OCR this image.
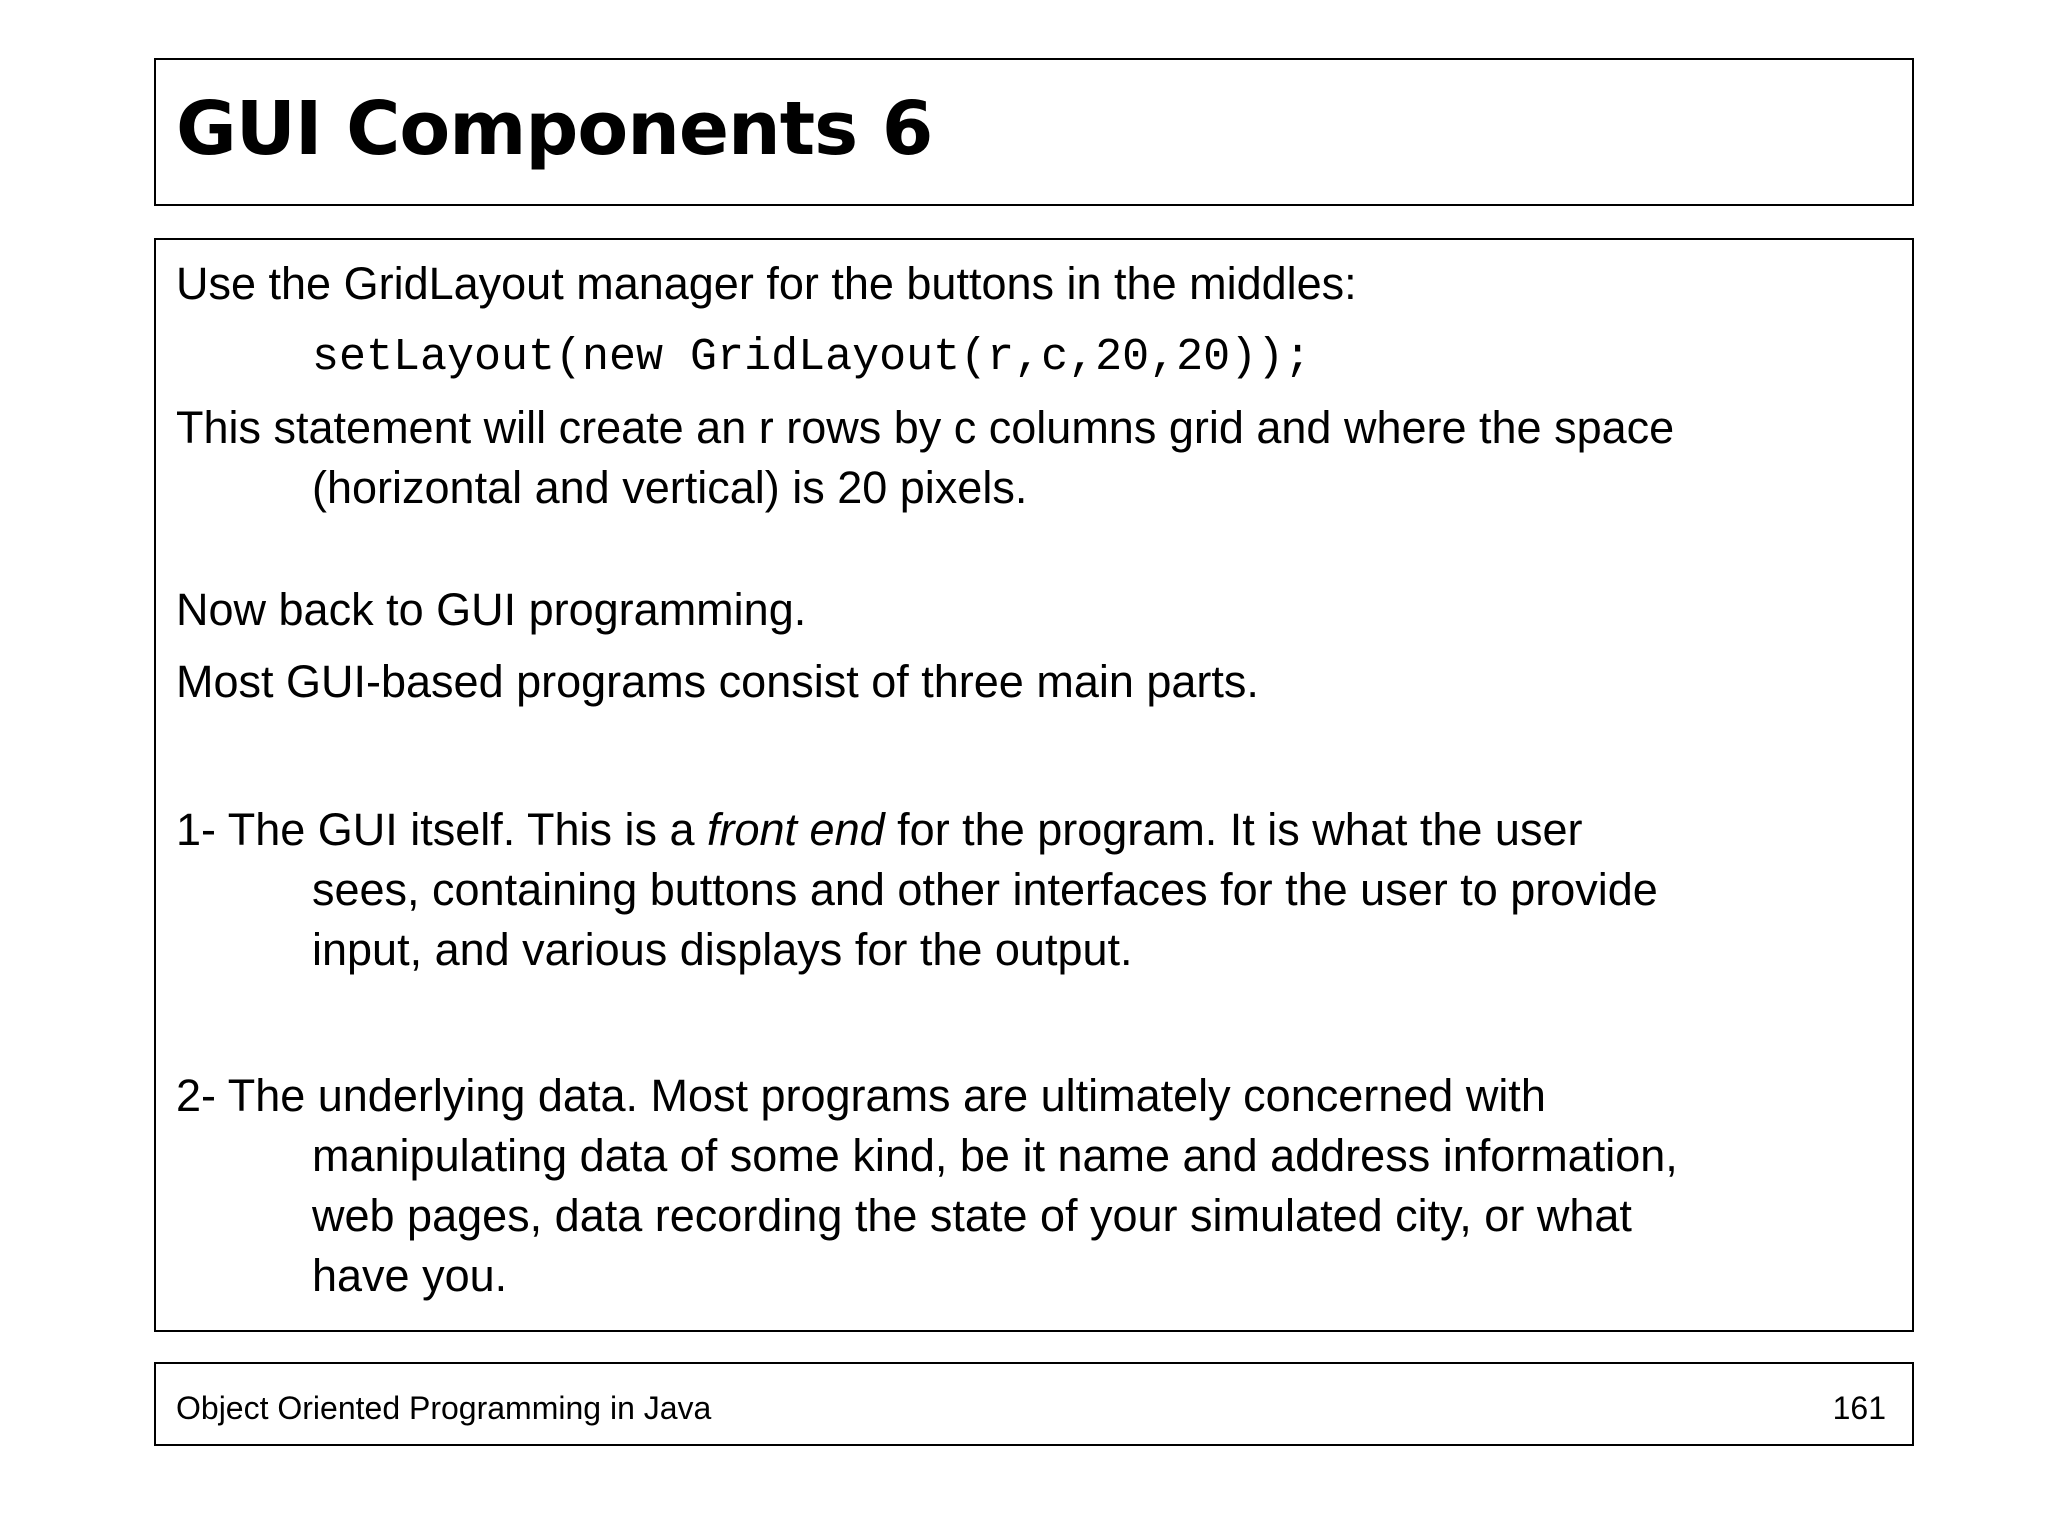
GUI Components 6

Use the GridLayout manager for the buttons in the middles:

setLayout(new GridLayout(r,c,20,20));

This statement will create an r rows by c columns grid and where the space

(horizontal and vertical) is 20 pixels.

Now back to GUI programming.

Most GUI-based programs consist of three main parts.

1- The GUI itself. This is a front end for the program. It is what the user

sees, containing buttons and other interfaces for the user to provide

input, and various displays for the output.

2- The underlying data. Most programs are ultimately concerned with

manipulating data of some kind, be it name and address information,

web pages, data recording the state of your simulated city, or what

have you.

Object Oriented Programming in Java	161
